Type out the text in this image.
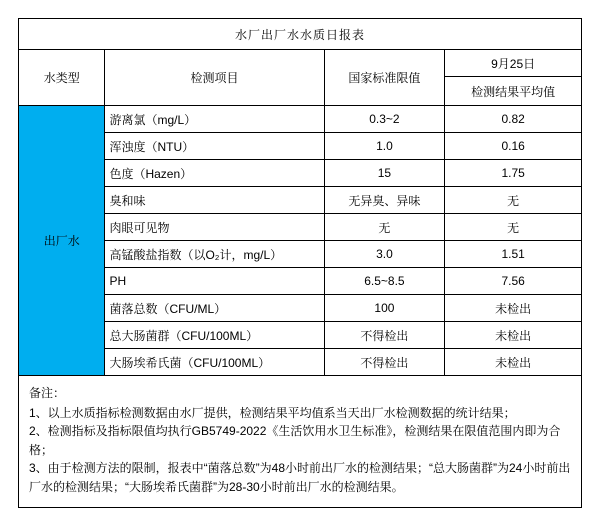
水厂出厂水水质日报表			
水类型	检测项目	国家标准限值	9月25日
			检测结果平均值
出厂水	游离氯（mg/L）	0.3~2	0.82
	浑浊度（NTU）	1.0	0.16
	色度（Hazen）	15	1.75
	臭和味	无异臭、异味	无
	肉眼可见物	无	无
	高锰酸盐指数（以O₂计，mg/L）	3.0	1.51
	PH	6.5~8.5	7.56
	菌落总数（CFU/ML）	100	未检出
	总大肠菌群（CFU/100ML）	不得检出	未检出
	大肠埃希氏菌（CFU/100ML）	不得检出	未检出
备注：
1、以上水质指标检测数据由水厂提供，检测结果平均值系当天出厂水检测数据的统计结果；
2、检测指标及指标限值均执行GB5749-2022《生活饮用水卫生标准》，检测结果在限值范围内即为合格；
3、由于检测方法的限制，报表中“菌落总数”为48小时前出厂水的检测结果；“总大肠菌群”为24小时前出厂水的检测结果；“大肠埃希氏菌群”为28-30小时前出厂水的检测结果。
